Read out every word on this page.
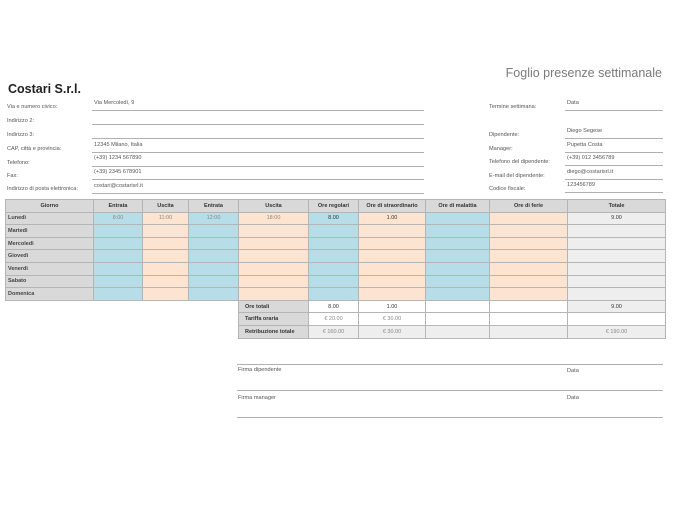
Foglio presenze settimanale
Costari S.r.l.
Via e numero civico:
Via Mercoledì, 9
Indirizzo 2:
Indirizzo 3:
CAP, città e provincia:
12345 Milano, Italia
Telefono:
(+39) 1234 567890
Fax:
(+39) 2345 678901
Indirizzo di posta elettronica:	costari@costarisrl.it
Termine settimana:
Data
Dipendente:
Diego Segese
Manager:
Pupetta Costa
Telefono del dipendente:
(+39) 012 3456789
E-mail del dipendente:
diego@costarisrl.it
Codice fiscale:
123456789
Giorno	Entrata	Uscita	Entrata	Uscita	Ore regolari	Ore di straordinario	Ore di malattia	Ore di ferie	Totale
Lunedì	8:00	11:00	12:00	18:00	8.00	1.00			9.00
Martedì									
Mercoledì									
Giovedì									
Venerdì									
Sabato									
Domenica									
				Ore totali	8.00	1.00			9.00
				Tariffa oraria	€ 20.00	€ 30.00			
				Retribuzione totale	€ 160.00	€ 30.00			€ 190.00
Firma dipendente	Data
Firma manager	Data
